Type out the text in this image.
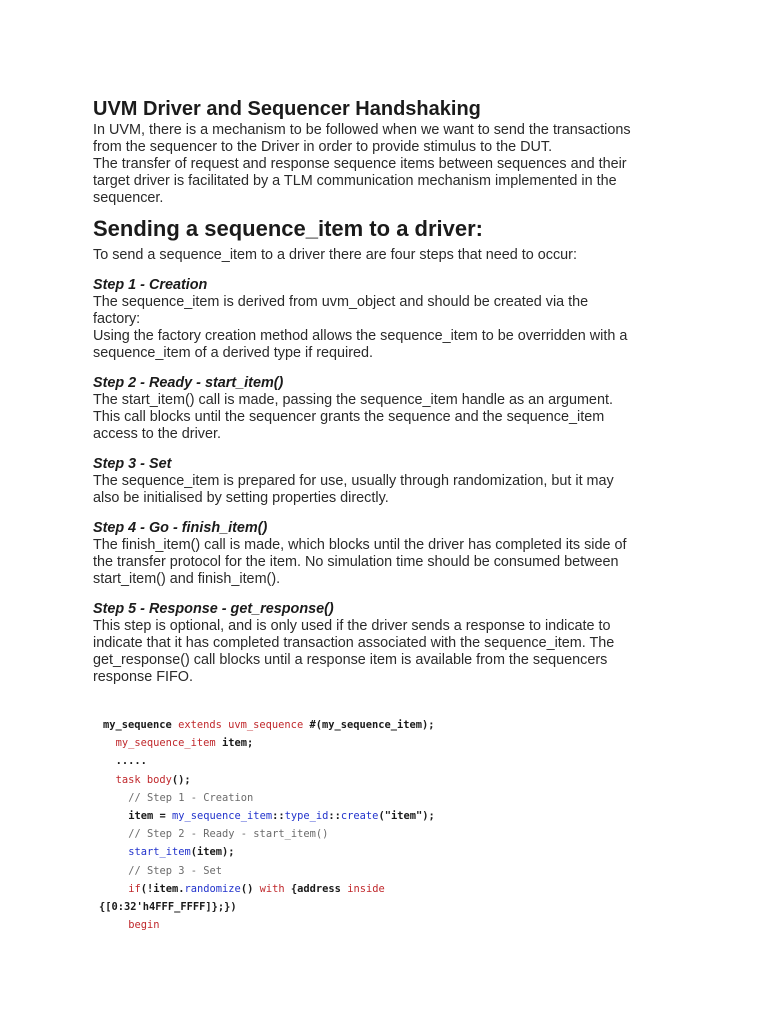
UVM Driver and Sequencer Handshaking

In UVM, there is a mechanism to be followed when we want to send the transactions
from the sequencer to the Driver in order to provide stimulus to the DUT.

The transfer of request and response sequence items between sequences and their
target driver is facilitated by a TLM communication mechanism implemented in the
sequencer.

Sending a sequence_item to a driver:

To send a sequence_item to a driver there are four steps that need to occur:

Step 1 - Creation

The sequence_item is derived from uvm_object and should be created via the
factory:
Using the factory creation method allows the sequence_item to be overridden with a
sequence_item of a derived type if required.

Step 2 - Ready - start_item()

The start_item() call is made, passing the sequence_item handle as an argument.
This call blocks until the sequencer grants the sequence and the sequence_item
access to the driver.

Step 3 - Set

The sequence_item is prepared for use, usually through randomization, but it may
also be initialised by setting properties directly.

Step 4 - Go - finish_item()

The finish_item() call is made, which blocks until the driver has completed its side of
the transfer protocol for the item. No simulation time should be consumed between
start_item() and finish_item().

Step 5 - Response - get_response()

This step is optional, and is only used if the driver sends a response to indicate to
indicate that it has completed transaction associated with the sequence_item. The
get_response() call blocks until a response item is available from the sequencers
response FIFO.

my_sequence extends uvm_sequence #(my_sequence_item);
my_sequence_item item;
.....
task body();
// Step 1 - Creation
item = my_sequence_item::type_id::create("item");
// Step 2 - Ready - start_item()
start_item(item);
// Step 3 - Set
if(!item.randomize() with {address inside
{[0:32'h4FFF_FFFF]};})
begin
